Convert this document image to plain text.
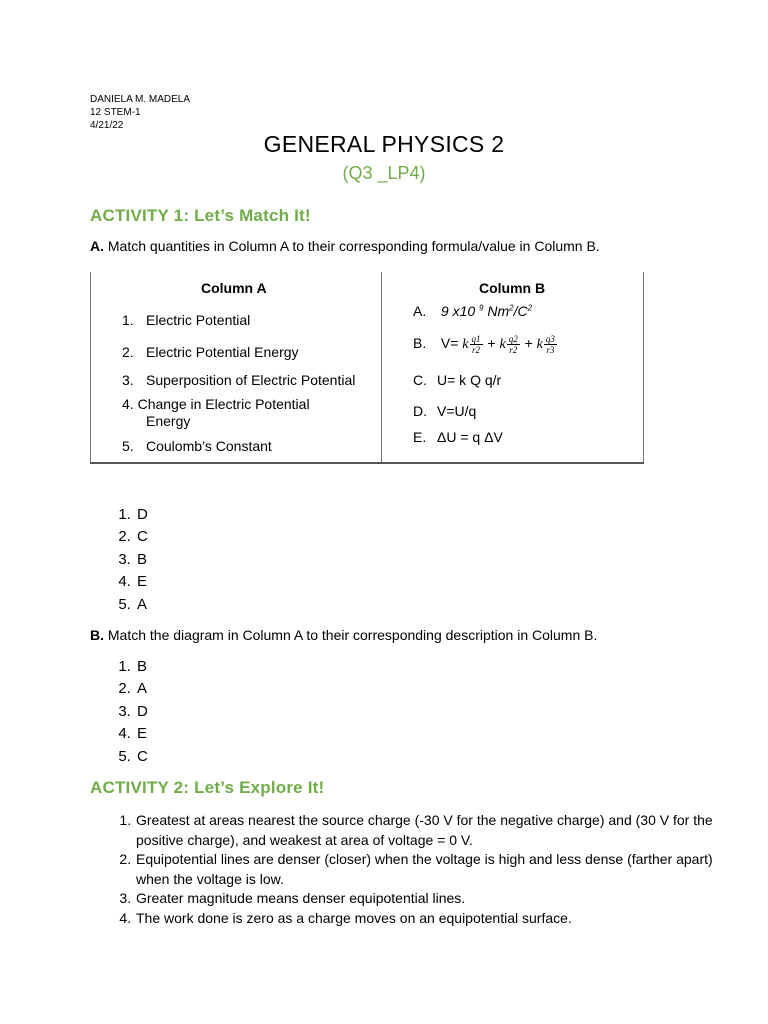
DANIELA M. MADELA
12 STEM-1
4/21/22
GENERAL PHYSICS 2
(Q3 _LP4)
ACTIVITY 1: Let’s Match It!
A. Match quantities in Column A to their corresponding formula/value in Column B.
Column A	Column B
1. Electric Potential
2. Electric Potential Energy
3. Superposition of Electric Potential
4. Change in Electric Potential
Energy
5. Coulomb’s Constant
A. 9 x10 $^9$ $Nm^2/C^2$
B. V= k $\frac{q1}{r2} + k \frac{q2}{r2} + k \frac{q3}{r3}$
C. U= k Q q/r
D. V=U/q
E. ΔU = q ΔV
1. D
2. C
3. B
4. E
5. A
B. Match the diagram in Column A to their corresponding description in Column B.
1. B
2. A
3. D
4. E
5. C
ACTIVITY 2: Let’s Explore It!
1. Greatest at areas nearest the source charge (-30 V for the negative charge) and (30 V for the positive charge), and weakest at area of voltage = 0 V.
2. Equipotential lines are denser (closer) when the voltage is high and less dense (farther apart) when the voltage is low.
3. Greater magnitude means denser equipotential lines.
4. The work done is zero as a charge moves on an equipotential surface.
